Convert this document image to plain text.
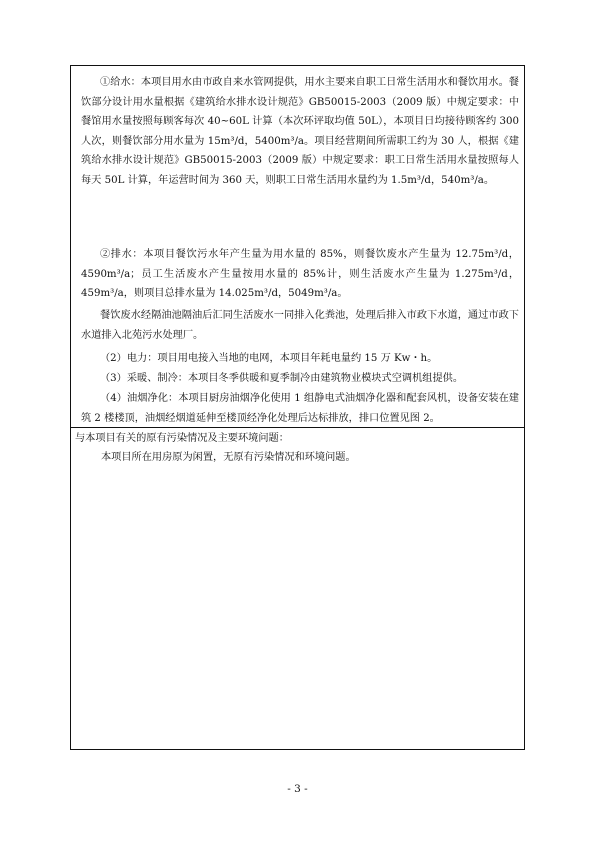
①给水：本项目用水由市政自来水管网提供，用水主要来自职工日常生活用水和餐饮用水。餐饮部分设计用水量根据《建筑给水排水设计规范》GB50015-2003（2009 版）中规定要求：中餐馆用水量按照每顾客每次 40~60L 计算（本次环评取均值 50L），本项目日均接待顾客约 300 人次，则餐饮部分用水量为 15m³/d，5400m³/a。项目经营期间所需职工约为 30 人，根据《建筑给水排水设计规范》GB50015-2003（2009 版）中规定要求：职工日常生活用水量按照每人每天 50L 计算，年运营时间为 360 天，则职工日常生活用水量约为 1.5m³/d，540m³/a。

②排水：本项目餐饮污水年产生量为用水量的 85%，则餐饮废水产生量为 12.75m³/d，4590m³/a；员工生活废水产生量按用水量的 85%计，则生活废水产生量为 1.275m³/d，459m³/a，则项目总排水量为 14.025m³/d，5049m³/a。

餐饮废水经隔油池隔油后汇同生活废水一同排入化粪池，处理后排入市政下水道，通过市政下水道排入北苑污水处理厂。

（2）电力：项目用电接入当地的电网，本项目年耗电量约 15 万 Kw・h。

（3）采暖、制冷：本项目冬季供暖和夏季制冷由建筑物业模块式空调机组提供。

（4）油烟净化：本项目厨房油烟净化使用 1 组静电式油烟净化器和配套风机，设备安装在建筑 2 楼楼顶，油烟经烟道延伸至楼顶经净化处理后达标排放，排口位置见图 2。

与本项目有关的原有污染情况及主要环境问题：

本项目所在用房原为闲置，无原有污染情况和环境问题。

- 3 -
